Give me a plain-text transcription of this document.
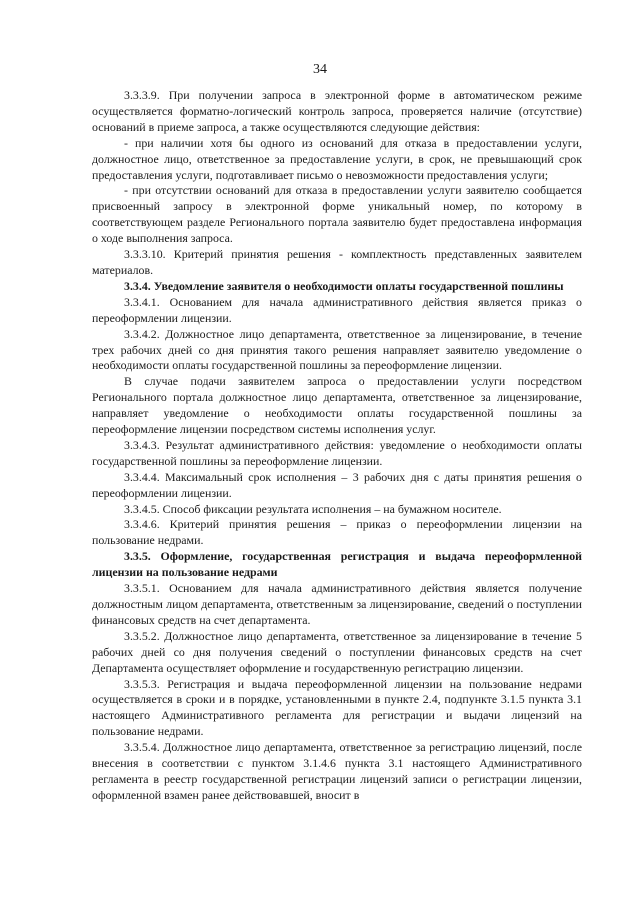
34

3.3.3.9. При получении запроса в электронной форме в автоматическом режиме осуществляется форматно-логический контроль запроса, проверяется наличие (отсутствие) оснований в приеме запроса, а также осуществляются следующие действия:

- при наличии хотя бы одного из оснований для отказа в предоставлении услуги, должностное лицо, ответственное за предоставление услуги, в срок, не превышающий срок предоставления услуги, подготавливает письмо о невозможности предоставления услуги;

- при отсутствии оснований для отказа в предоставлении услуги заявителю сообщается присвоенный запросу в электронной форме уникальный номер, по которому в соответствующем разделе Регионального портала заявителю будет предоставлена информация о ходе выполнения запроса.

3.3.3.10. Критерий принятия решения - комплектность представленных заявителем материалов.

3.3.4. Уведомление заявителя о необходимости оплаты государственной пошлины

3.3.4.1. Основанием для начала административного действия является приказ о переоформлении лицензии.

3.3.4.2. Должностное лицо департамента, ответственное за лицензирование, в течение трех рабочих дней со дня принятия такого решения направляет заявителю уведомление о необходимости оплаты государственной пошлины за переоформление лицензии.

В случае подачи заявителем запроса о предоставлении услуги посредством Регионального портала должностное лицо департамента, ответственное за лицензирование, направляет уведомление о необходимости оплаты государственной пошлины за переоформление лицензии посредством системы исполнения услуг.

3.3.4.3. Результат административного действия: уведомление о необходимости оплаты государственной пошлины за переоформление лицензии.

3.3.4.4. Максимальный срок исполнения – 3 рабочих дня с даты принятия решения о переоформлении лицензии.

3.3.4.5. Способ фиксации результата исполнения – на бумажном носителе.

3.3.4.6. Критерий принятия решения – приказ о переоформлении лицензии на пользование недрами.

3.3.5. Оформление, государственная регистрация и выдача переоформленной лицензии на пользование недрами

3.3.5.1. Основанием для начала административного действия является получение должностным лицом департамента, ответственным за лицензирование, сведений о поступлении финансовых средств на счет департамента.

3.3.5.2. Должностное лицо департамента, ответственное за лицензирование в течение 5 рабочих дней со дня получения сведений о поступлении финансовых средств на счет Департамента осуществляет оформление и государственную регистрацию лицензии.

3.3.5.3. Регистрация и выдача переоформленной лицензии на пользование недрами осуществляется в сроки и в порядке, установленными в пункте 2.4, подпункте 3.1.5 пункта 3.1 настоящего Административного регламента для регистрации и выдачи лицензий на пользование недрами.

3.3.5.4. Должностное лицо департамента, ответственное за регистрацию лицензий, после внесения в соответствии с пунктом 3.1.4.6 пункта 3.1 настоящего Административного регламента в реестр государственной регистрации лицензий записи о регистрации лицензии, оформленной взамен ранее действовавшей, вносит в
